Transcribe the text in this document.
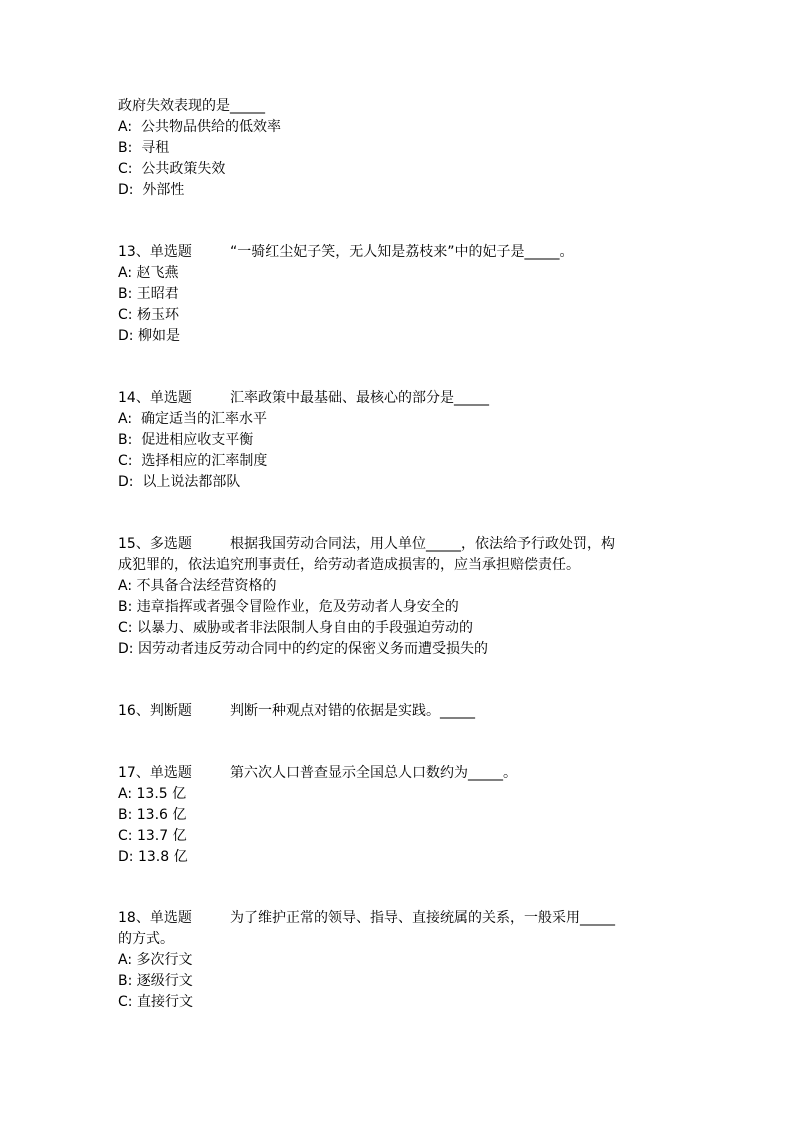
政府失效表现的是_____
A:  公共物品供给的低效率
B:  寻租
C:  公共政策失效
D:  外部性
13、单选题	“一骑红尘妃子笑，无人知是荔枝来”中的妃子是_____。
A: 赵飞燕
B: 王昭君
C: 杨玉环
D: 柳如是
14、单选题	汇率政策中最基础、最核心的部分是_____
A:  确定适当的汇率水平
B:  促进相应收支平衡
C:  选择相应的汇率制度
D:  以上说法都部队
15、多选题	根据我国劳动合同法，用人单位_____，依法给予行政处罚，构
成犯罪的，依法追究刑事责任，给劳动者造成损害的，应当承担赔偿责任。
A: 不具备合法经营资格的
B: 违章指挥或者强令冒险作业，危及劳动者人身安全的
C: 以暴力、威胁或者非法限制人身自由的手段强迫劳动的
D: 因劳动者违反劳动合同中的约定的保密义务而遭受损失的
16、判断题	判断一种观点对错的依据是实践。_____
17、单选题	第六次人口普查显示全国总人口数约为_____。
A: 13.5 亿
B: 13.6 亿
C: 13.7 亿
D: 13.8 亿
18、单选题	为了维护正常的领导、指导、直接统属的关系，一般采用_____
的方式。
A: 多次行文
B: 逐级行文
C: 直接行文
